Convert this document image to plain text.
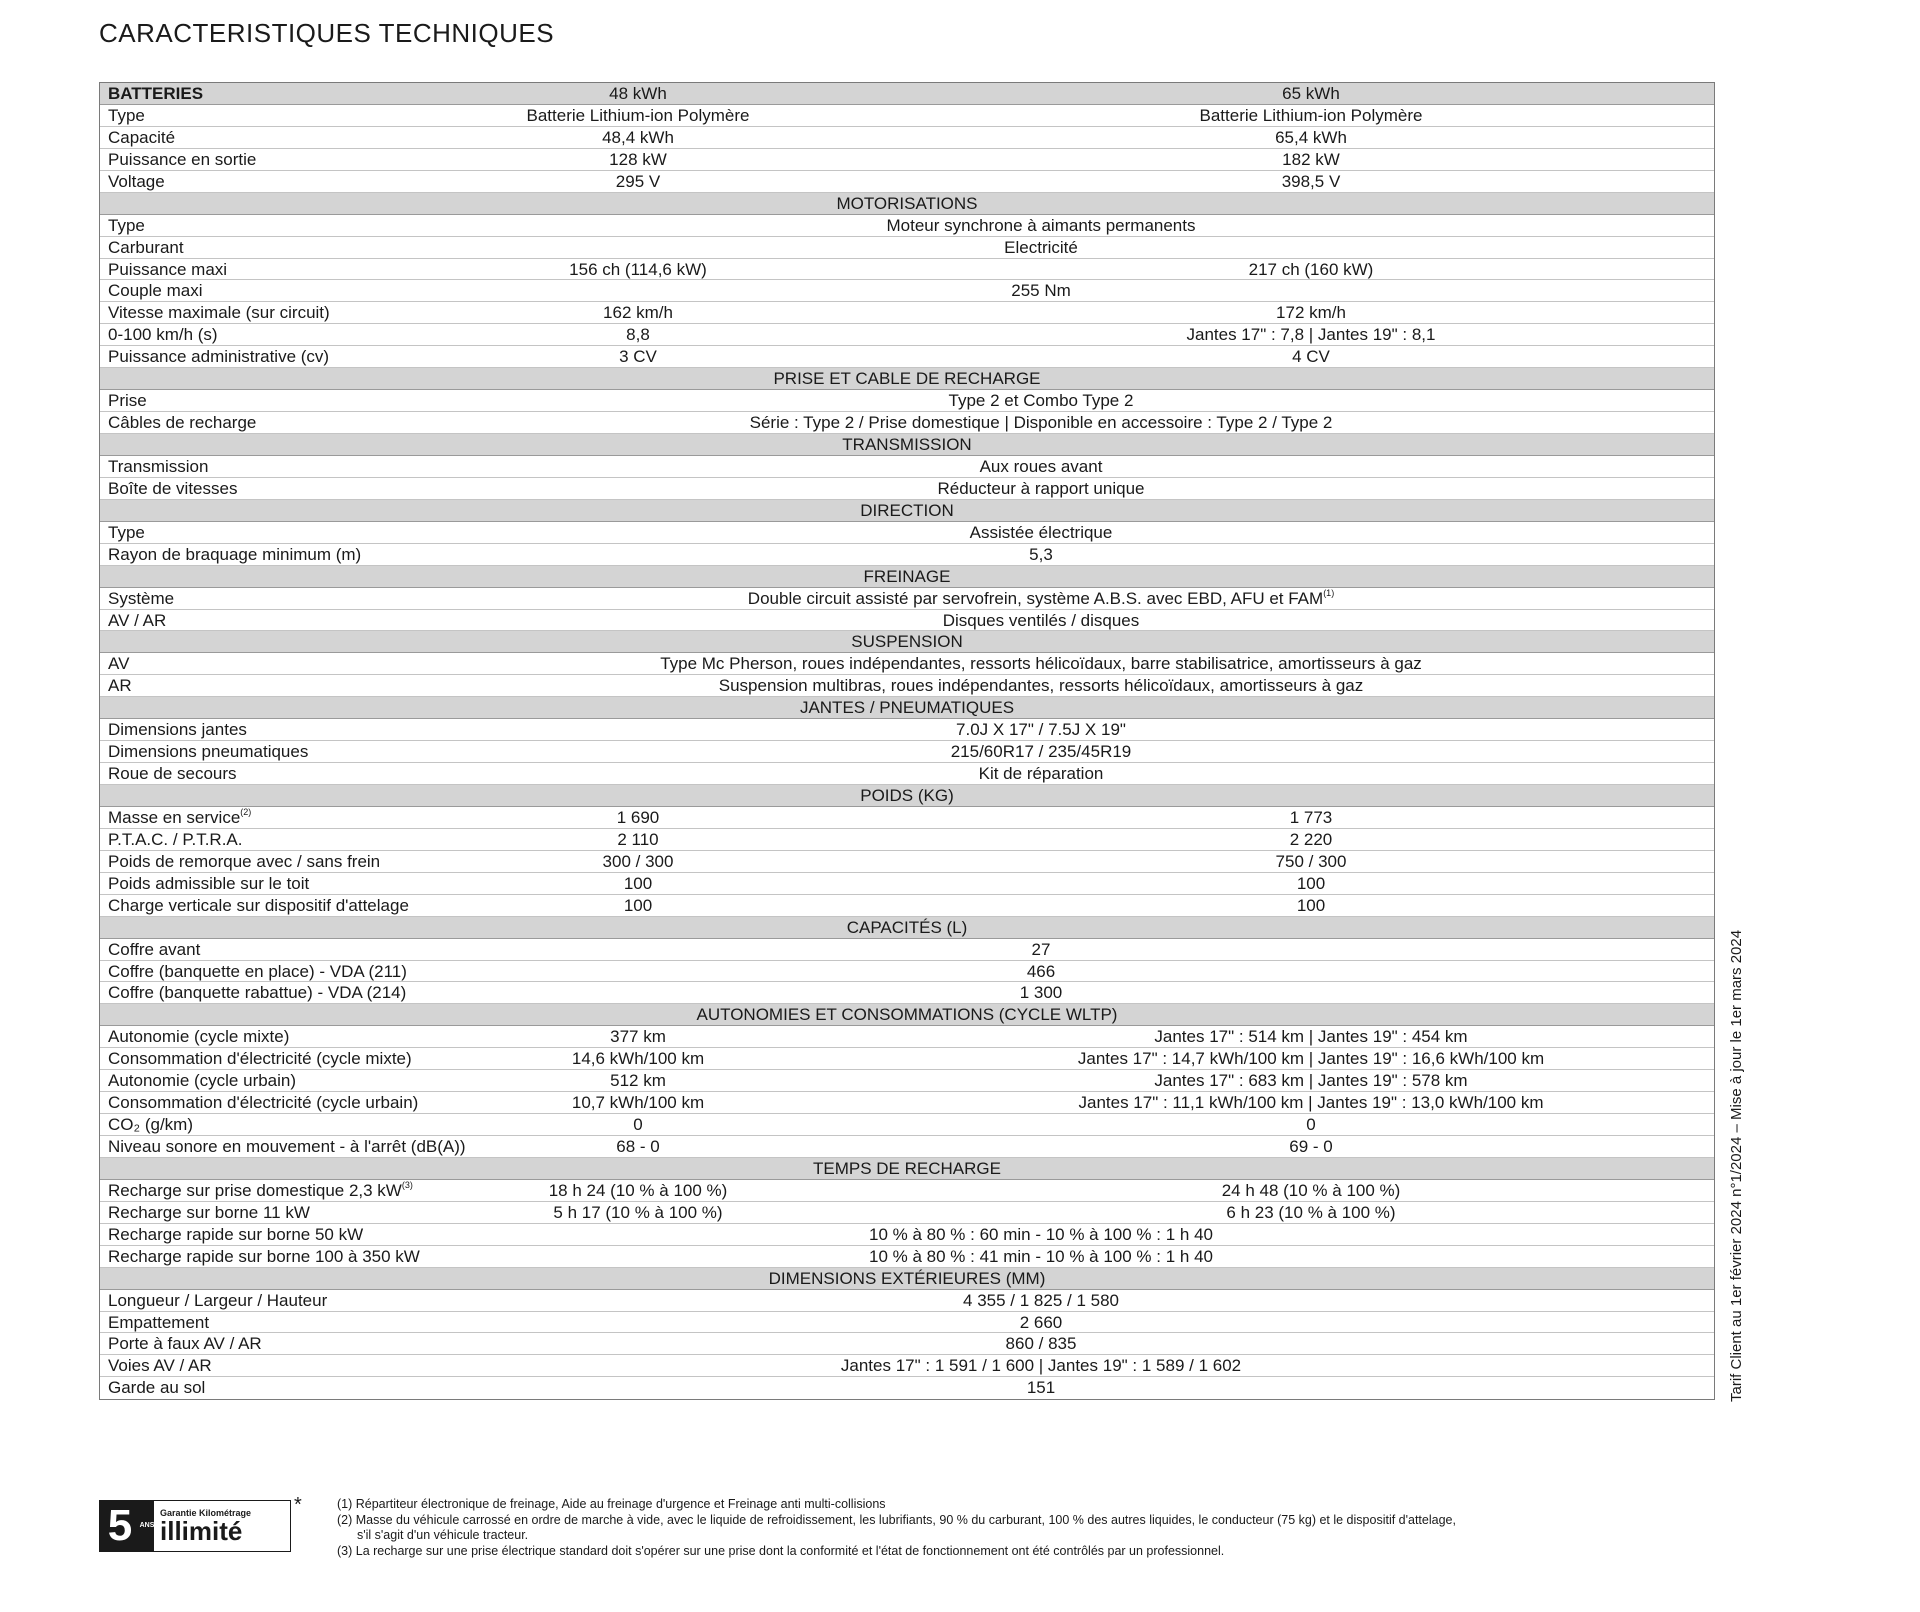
CARACTERISTIQUES TECHNIQUES
BATTERIES	48 kWh	65 kWh
Type	Batterie Lithium-ion Polymère	Batterie Lithium-ion Polymère
Capacité	48,4 kWh	65,4 kWh
Puissance en sortie	128 kW	182 kW
Voltage	295 V	398,5 V
MOTORISATIONS
Type	Moteur synchrone à aimants permanents
Carburant	Electricité
Puissance maxi	156 ch (114,6 kW)	217 ch (160 kW)
Couple maxi	255 Nm
Vitesse maximale (sur circuit)	162 km/h	172 km/h
0-100 km/h (s)	8,8	Jantes 17" : 7,8 | Jantes 19" : 8,1
Puissance administrative (cv)	3 CV	4 CV
PRISE ET CABLE DE RECHARGE
Prise	Type 2 et Combo Type 2
Câbles de recharge	Série : Type 2 / Prise domestique | Disponible en accessoire : Type 2 / Type 2
TRANSMISSION
Transmission	Aux roues avant
Boîte de vitesses	Réducteur à rapport unique
DIRECTION
Type	Assistée électrique
Rayon de braquage minimum (m)	5,3
FREINAGE
Système	Double circuit assisté par servofrein, système A.B.S. avec EBD, AFU et FAM$^{(1)}$
AV / AR	Disques ventilés / disques
SUSPENSION
AV	Type Mc Pherson, roues indépendantes, ressorts hélicoïdaux, barre stabilisatrice, amortisseurs à gaz
AR	Suspension multibras, roues indépendantes, ressorts hélicoïdaux, amortisseurs à gaz
JANTES / PNEUMATIQUES
Dimensions jantes	7.0J X 17" / 7.5J X 19"
Dimensions pneumatiques	215/60R17 / 235/45R19
Roue de secours	Kit de réparation
POIDS (KG)
Masse en service$^{(2)}$	1 690	1 773
P.T.A.C. / P.T.R.A.	2 110	2 220
Poids de remorque avec / sans frein	300 / 300	750 / 300
Poids admissible sur le toit	100	100
Charge verticale sur dispositif d'attelage	100	100
CAPACITÉS (L)
Coffre avant	27
Coffre (banquette en place) - VDA (211)	466
Coffre (banquette rabattue) - VDA (214)	1 300
AUTONOMIES ET CONSOMMATIONS (CYCLE WLTP)
Autonomie (cycle mixte)	377 km	Jantes 17" : 514 km | Jantes 19" : 454 km
Consommation d'électricité (cycle mixte)	14,6 kWh/100 km	Jantes 17" : 14,7 kWh/100 km | Jantes 19" : 16,6 kWh/100 km
Autonomie (cycle urbain)	512 km	Jantes 17" : 683 km | Jantes 19" : 578 km
Consommation d'électricité (cycle urbain)	10,7 kWh/100 km	Jantes 17" : 11,1 kWh/100 km | Jantes 19" : 13,0 kWh/100 km
CO₂ (g/km)	0	0
Niveau sonore en mouvement - à l'arrêt (dB(A))	68 - 0	69 - 0
TEMPS DE RECHARGE
Recharge sur prise domestique 2,3 $kW^{(3)}$	18 h 24 (10 % à 100 %)	24 h 48 (10 % à 100 %)
Recharge sur borne 11 kW	5 h 17 (10 % à 100 %)	6 h 23 (10 % à 100 %)
Recharge rapide sur borne 50 kW	10 % à 80 % : 60 min - 10 % à 100 % : 1 h 40
Recharge rapide sur borne 100 à 350 kW	10 % à 80 % : 41 min - 10 % à 100 % : 1 h 40
DIMENSIONS EXTÉRIEURES (MM)
Longueur / Largeur / Hauteur	4 355 / 1 825 / 1 580
Empattement	2 660
Porte à faux AV / AR	860 / 835
Voies AV / AR	Jantes 17" : 1 591 / 1 600 | Jantes 19" : 1 589 / 1 602
Garde au sol	151	Tarif Client au 1er février 2024 n°1/2024 – Mise à jour le 1er mars 2024
5	ANS
Garantie Kilométrage
illimité
*	(1) Répartiteur électronique de freinage, Aide au freinage d'urgence et Freinage anti multi-collisions
(2) Masse du véhicule carrossé en ordre de marche à vide, avec le liquide de refroidissement, les lubrifiants, 90 % du carburant, 100 % des autres liquides, le conducteur (75 kg) et le dispositif d'attelage,
s'il s'agit d'un véhicule tracteur.
(3) La recharge sur une prise électrique standard doit s'opérer sur une prise dont la conformité et l'état de fonctionnement ont été contrôlés par un professionnel.
